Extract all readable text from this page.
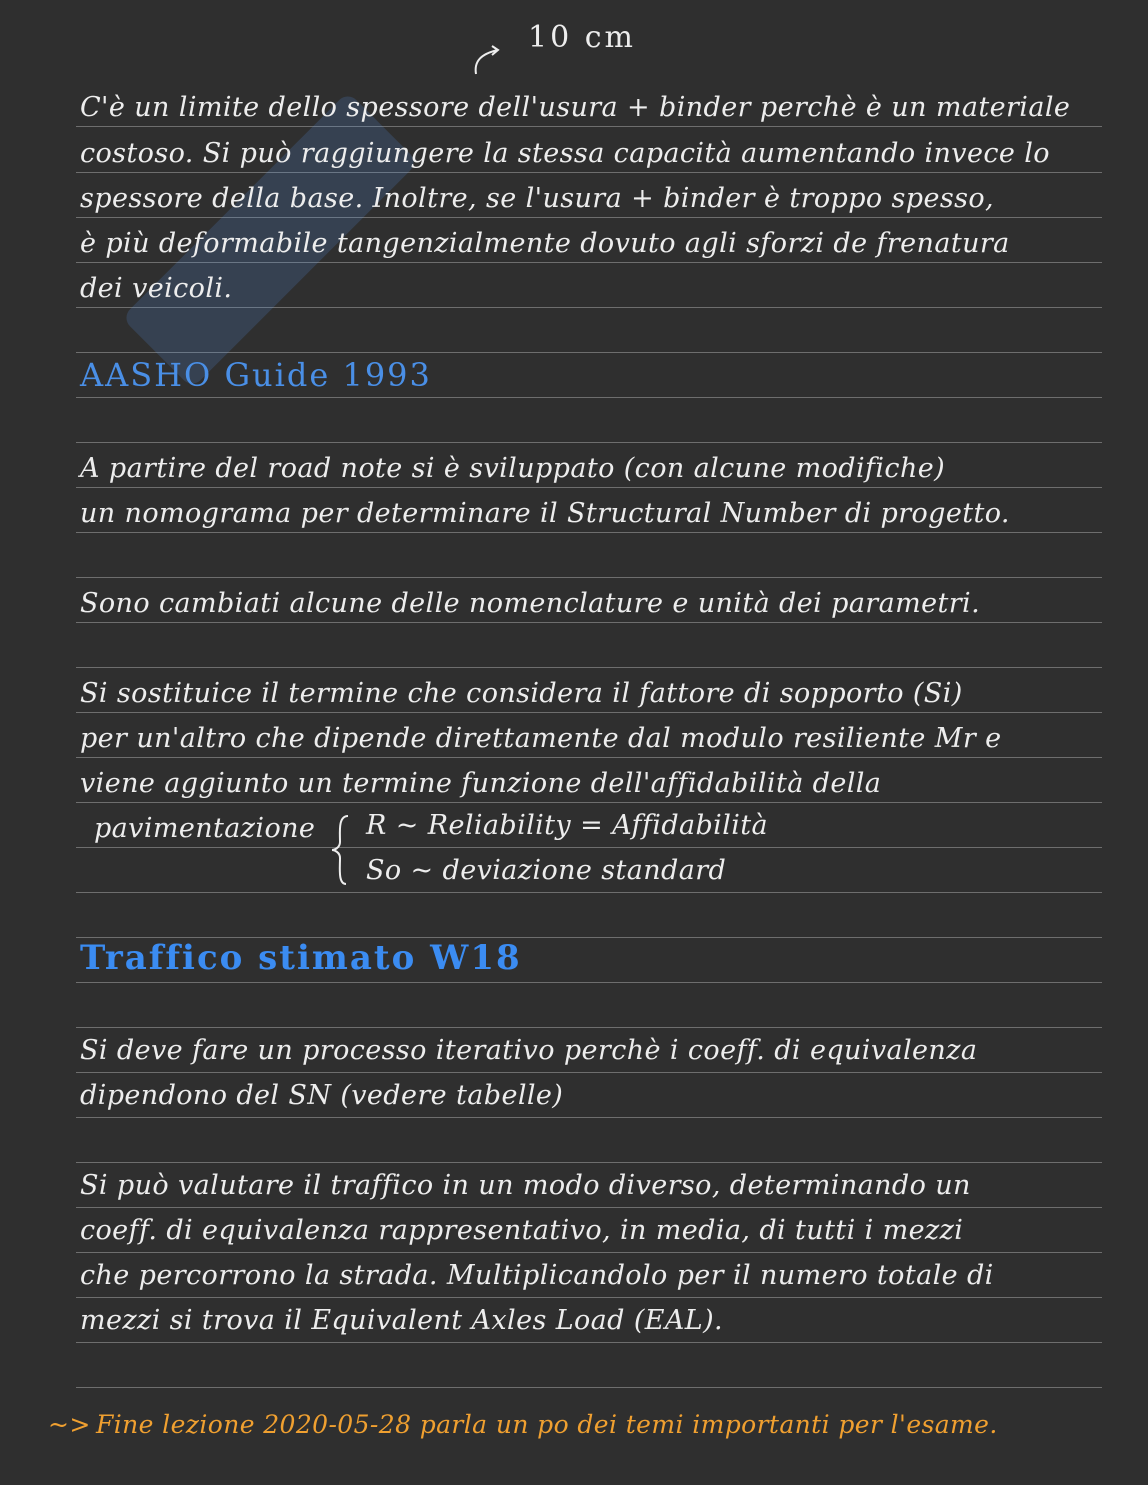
10 cm
C'è un limite dello spessore dell'usura + binder perchè è un materiale
costoso. Si può raggiungere la stessa capacità aumentando invece lo
spessore della base. Inoltre, se l'usura + binder è troppo spesso,
è più deformabile tangenzialmente dovuto agli sforzi de frenatura
dei veicoli.
AASHO Guide 1993
A partire del road note si è sviluppato (con alcune modifiche)
un nomograma per determinare il Structural Number di progetto.
Sono cambiati alcune delle nomenclature e unità dei parametri.
Si sostituice il termine che considera il fattore di sopporto (Si)
per un'altro che dipende direttamente dal modulo resiliente Mr e
viene aggiunto un termine funzione dell'affidabilità della
pavimentazione R ~ Reliability = Affidabilità
So ~ deviazione standard
Traffico stimato W18
Si deve fare un processo iterativo perchè i coeff. di equivalenza
dipendono del SN (vedere tabelle)
Si può valutare il traffico in un modo diverso, determinando un
coeff. di equivalenza rappresentativo, in media, di tutti i mezzi
che percorrono la strada. Multiplicandolo per il numero totale di
mezzi si trova il Equivalent Axles Load (EAL).
~> Fine lezione 2020-05-28 parla un po dei temi importanti per l'esame.
